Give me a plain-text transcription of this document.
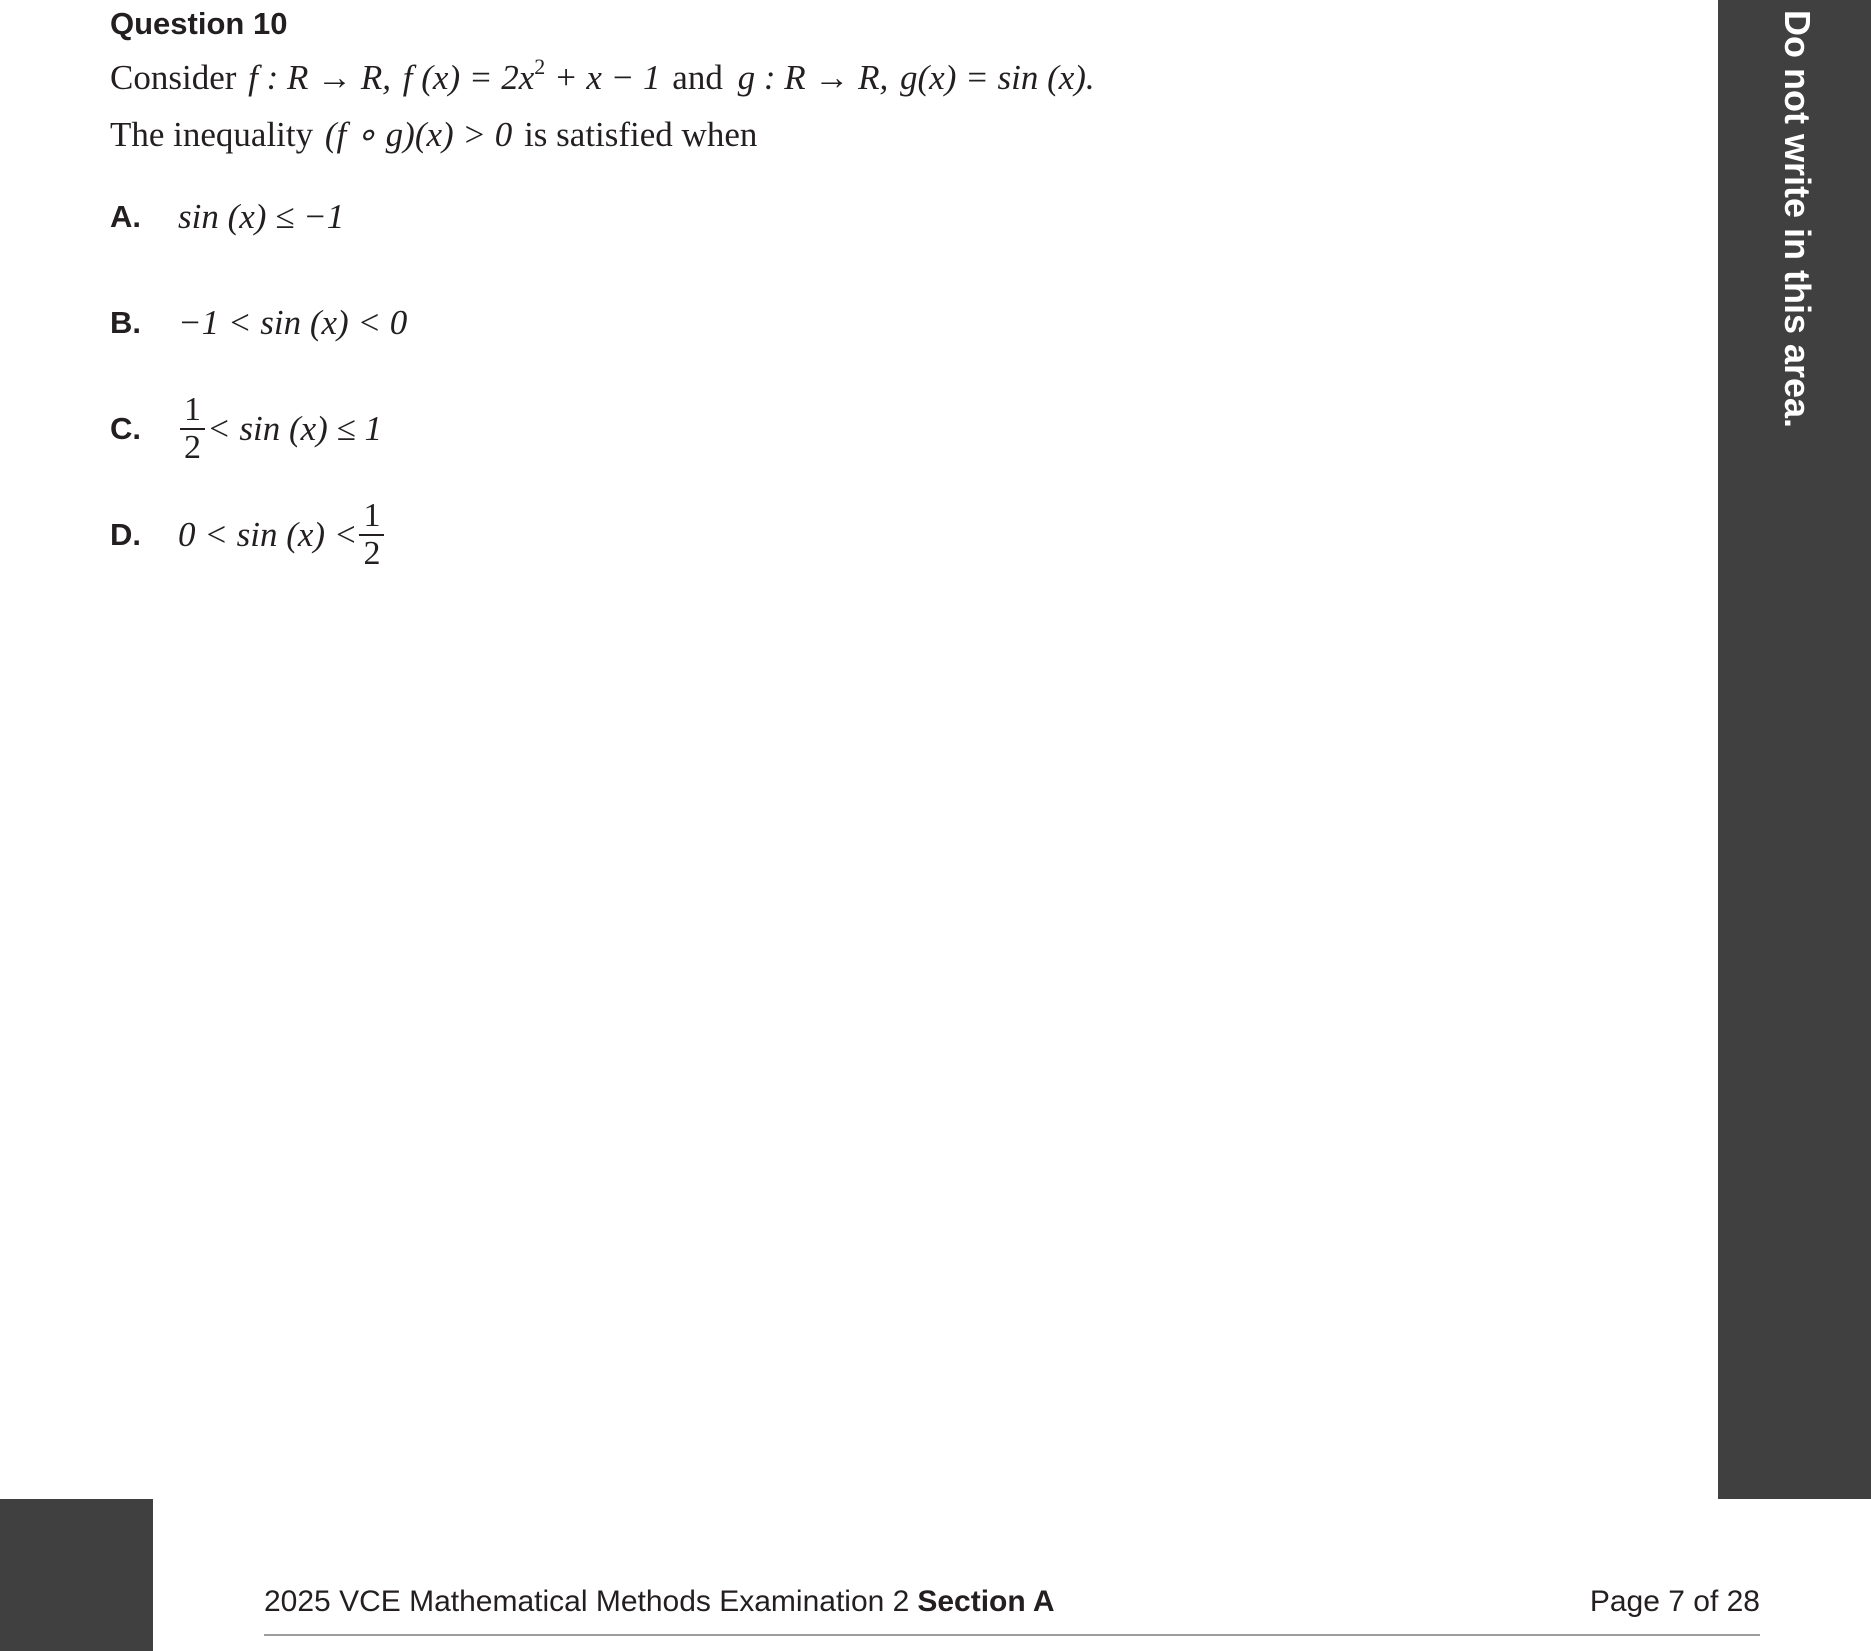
Question 10
Consider f : R → R, f $(x) = 2x^2 + x - 1$ and g : R → R, g(x) = sin (x).
The inequality (f ∘ g)(x) > 0 is satisfied when
A.	sin (x) ≤ −1
B.	−1 < sin (x) < 0
C.	$\frac{1}{2} < \sin (x) \le 1$
D.	$0 < \sin (x) < \frac{1}{2}$
Do not write in this area.
2025 VCE Mathematical Methods Examination 2 Section A	Page 7 of 28
